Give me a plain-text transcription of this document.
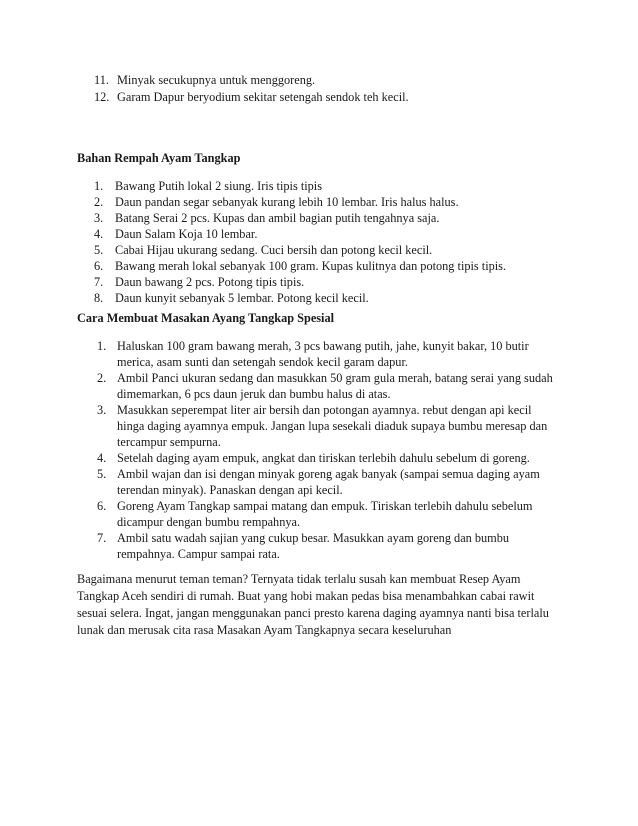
11. Minyak secukupnya untuk menggoreng.
12. Garam Dapur beryodium sekitar setengah sendok teh kecil.
Bahan Rempah Ayam Tangkap
1. Bawang Putih lokal 2 siung. Iris tipis tipis
2. Daun pandan segar sebanyak kurang lebih 10 lembar. Iris halus halus.
3. Batang Serai 2 pcs. Kupas dan ambil bagian putih tengahnya saja.
4. Daun Salam Koja 10 lembar.
5. Cabai Hijau ukurang sedang. Cuci bersih dan potong kecil kecil.
6. Bawang merah lokal sebanyak 100 gram. Kupas kulitnya dan potong tipis tipis.
7. Daun bawang 2 pcs. Potong tipis tipis.
8. Daun kunyit sebanyak 5 lembar. Potong kecil kecil.
Cara Membuat Masakan Ayang Tangkap Spesial
1. Haluskan 100 gram bawang merah, 3 pcs bawang putih, jahe, kunyit bakar, 10 butir
merica, asam sunti dan setengah sendok kecil garam dapur.
2. Ambil Panci ukuran sedang dan masukkan 50 gram gula merah, batang serai yang sudah
dimemarkan, 6 pcs daun jeruk dan bumbu halus di atas.
3. Masukkan seperempat liter air bersih dan potongan ayamnya. rebut dengan api kecil
hinga daging ayamnya empuk. Jangan lupa sesekali diaduk supaya bumbu meresap dan
tercampur sempurna.
4. Setelah daging ayam empuk, angkat dan tiriskan terlebih dahulu sebelum di goreng.
5. Ambil wajan dan isi dengan minyak goreng agak banyak (sampai semua daging ayam
terendan minyak). Panaskan dengan api kecil.
6. Goreng Ayam Tangkap sampai matang dan empuk. Tiriskan terlebih dahulu sebelum
dicampur dengan bumbu rempahnya.
7. Ambil satu wadah sajian yang cukup besar. Masukkan ayam goreng dan bumbu
rempahnya. Campur sampai rata.
Bagaimana menurut teman teman? Ternyata tidak terlalu susah kan membuat Resep Ayam
Tangkap Aceh sendiri di rumah. Buat yang hobi makan pedas bisa menambahkan cabai rawit
sesuai selera. Ingat, jangan menggunakan panci presto karena daging ayamnya nanti bisa terlalu
lunak dan merusak cita rasa Masakan Ayam Tangkapnya secara keseluruhan
